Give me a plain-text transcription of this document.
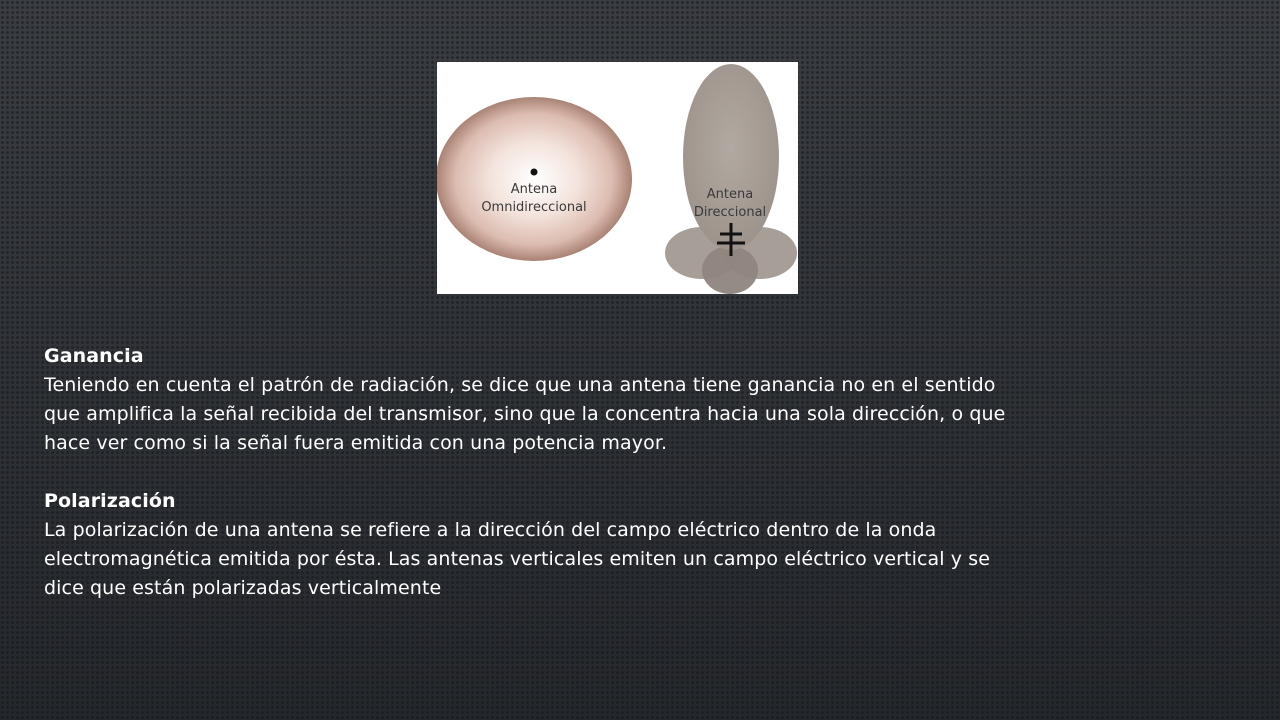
Antena
Omnidireccional
Antena
Direccional

Ganancia

Teniendo en cuenta el patrón de radiación, se dice que una antena tiene ganancia no en el sentido

que amplifica la señal recibida del transmisor, sino que la concentra hacia una sola dirección, o que

hace ver como si la señal fuera emitida con una potencia mayor.

Polarización

La polarización de una antena se refiere a la dirección del campo eléctrico dentro de la onda

electromagnética emitida por ésta. Las antenas verticales emiten un campo eléctrico vertical y se

dice que están polarizadas verticalmente
